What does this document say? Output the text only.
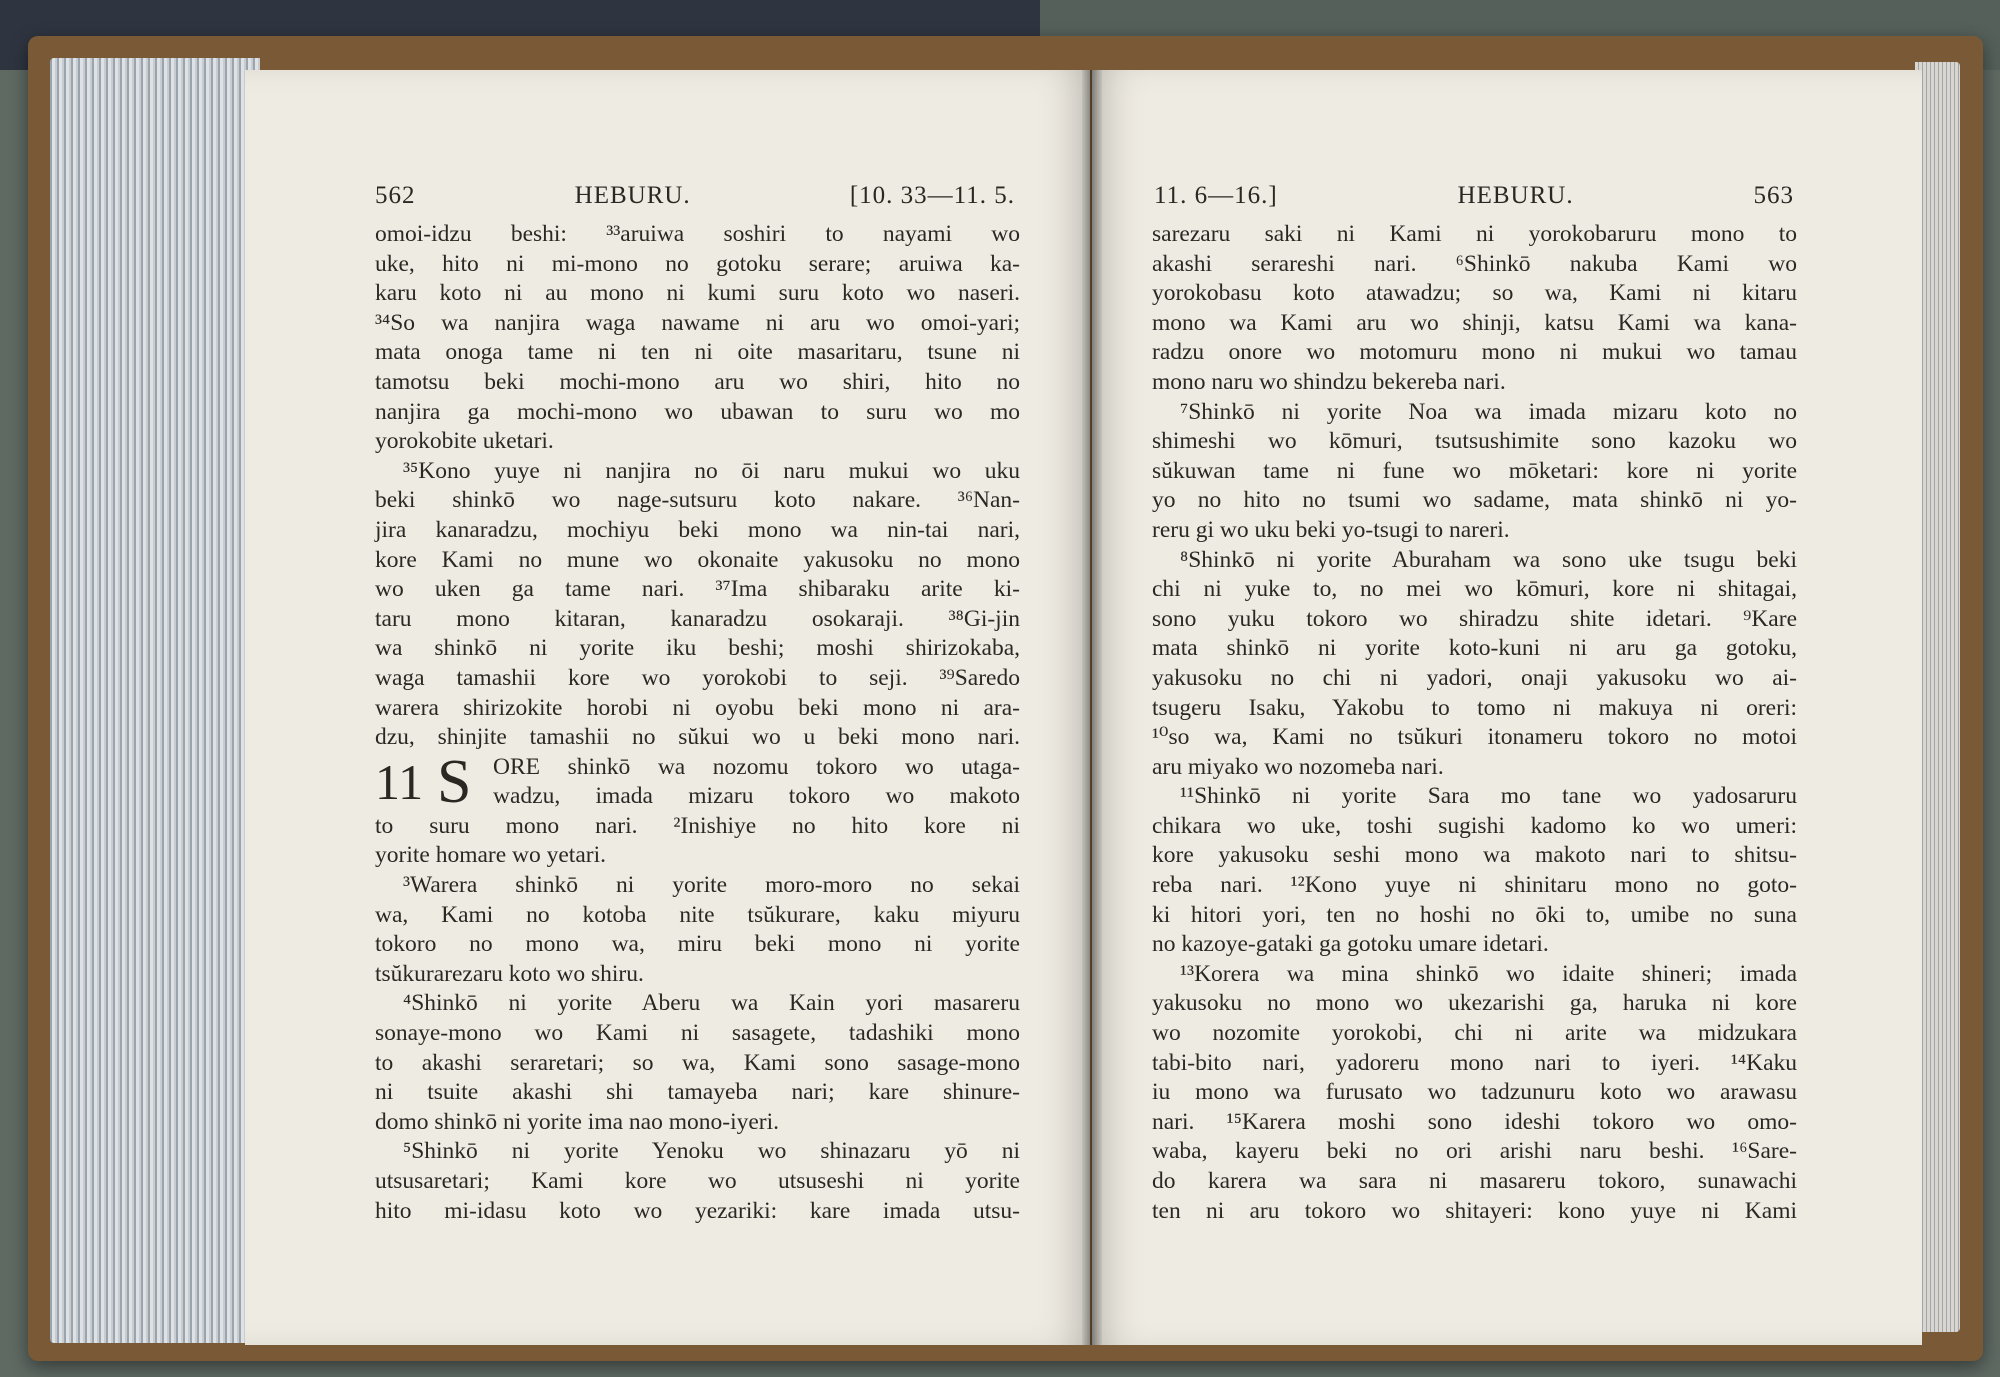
562	HEBURU.	[10. 33—11. 5.
omoi-idzu beshi: ³³aruiwa soshiri to nayami wo
uke, hito ni mi-mono no gotoku serare; aruiwa ka-
karu koto ni au mono ni kumi suru koto wo naseri.
³⁴So wa nanjira waga nawame ni aru wo omoi-yari;
mata onoga tame ni ten ni oite masaritaru, tsune ni
tamotsu beki mochi-mono aru wo shiri, hito no
nanjira ga mochi-mono wo ubawan to suru wo mo
yorokobite uketari.
³⁵Kono yuye ni nanjira no ōi naru mukui wo uku
beki shinkō wo nage-sutsuru koto nakare. ³⁶Nan-
jira kanaradzu, mochiyu beki mono wa nin-tai nari,
kore Kami no mune wo okonaite yakusoku no mono
wo uken ga tame nari. ³⁷Ima shibaraku arite ki-
taru mono kitaran, kanaradzu osokaraji. ³⁸Gi-jin
wa shinkō ni yorite iku beshi; moshi shirizokaba,
waga tamashii kore wo yorokobi to seji. ³⁹Saredo
warera shirizokite horobi ni oyobu beki mono ni ara-
dzu, shinjite tamashii no sŭkui wo u beki mono nari.
11 S ORE shinkō wa nozomu tokoro wo utaga-
wadzu, imada mizaru tokoro wo makoto
to suru mono nari. ²Inishiye no hito kore ni
yorite homare wo yetari.
³Warera shinkō ni yorite moro-moro no sekai
wa, Kami no kotoba nite tsŭkurare, kaku miyuru
tokoro no mono wa, miru beki mono ni yorite
tsŭkurarezaru koto wo shiru.
⁴Shinkō ni yorite Aberu wa Kain yori masareru
sonaye-mono wo Kami ni sasagete, tadashiki mono
to akashi seraretari; so wa, Kami sono sasage-mono
ni tsuite akashi shi tamayeba nari; kare shinure-
domo shinkō ni yorite ima nao mono-iyeri.
⁵Shinkō ni yorite Yenoku wo shinazaru yō ni
utsusaretari; Kami kore wo utsuseshi ni yorite
hito mi-idasu koto wo yezariki: kare imada utsu-
11. 6—16.]	HEBURU.	563
sarezaru saki ni Kami ni yorokobaruru mono to
akashi serareshi nari. ⁶Shinkō nakuba Kami wo
yorokobasu koto atawadzu; so wa, Kami ni kitaru
mono wa Kami aru wo shinji, katsu Kami wa kana-
radzu onore wo motomuru mono ni mukui wo tamau
mono naru wo shindzu bekereba nari.
⁷Shinkō ni yorite Noa wa imada mizaru koto no
shimeshi wo kōmuri, tsutsushimite sono kazoku wo
sŭkuwan tame ni fune wo mōketari: kore ni yorite
yo no hito no tsumi wo sadame, mata shinkō ni yo-
reru gi wo uku beki yo-tsugi to nareri.
⁸Shinkō ni yorite Aburaham wa sono uke tsugu beki
chi ni yuke to, no mei wo kōmuri, kore ni shitagai,
sono yuku tokoro wo shiradzu shite idetari. ⁹Kare
mata shinkō ni yorite koto-kuni ni aru ga gotoku,
yakusoku no chi ni yadori, onaji yakusoku wo ai-
tsugeru Isaku, Yakobu to tomo ni makuya ni oreri:
¹⁰so wa, Kami no tsŭkuri itonameru tokoro no motoi
aru miyako wo nozomeba nari.
¹¹Shinkō ni yorite Sara mo tane wo yadosaruru
chikara wo uke, toshi sugishi kadomo ko wo umeri:
kore yakusoku seshi mono wa makoto nari to shitsu-
reba nari. ¹²Kono yuye ni shinitaru mono no goto-
ki hitori yori, ten no hoshi no ōki to, umibe no suna
no kazoye-gataki ga gotoku umare idetari.
¹³Korera wa mina shinkō wo idaite shineri; imada
yakusoku no mono wo ukezarishi ga, haruka ni kore
wo nozomite yorokobi, chi ni arite wa midzukara
tabi-bito nari, yadoreru mono nari to iyeri. ¹⁴Kaku
iu mono wa furusato wo tadzunuru koto wo arawasu
nari. ¹⁵Karera moshi sono ideshi tokoro wo omo-
waba, kayeru beki no ori arishi naru beshi. ¹⁶Sare-
do karera wa sara ni masareru tokoro, sunawachi
ten ni aru tokoro wo shitayeri: kono yuye ni Kami
